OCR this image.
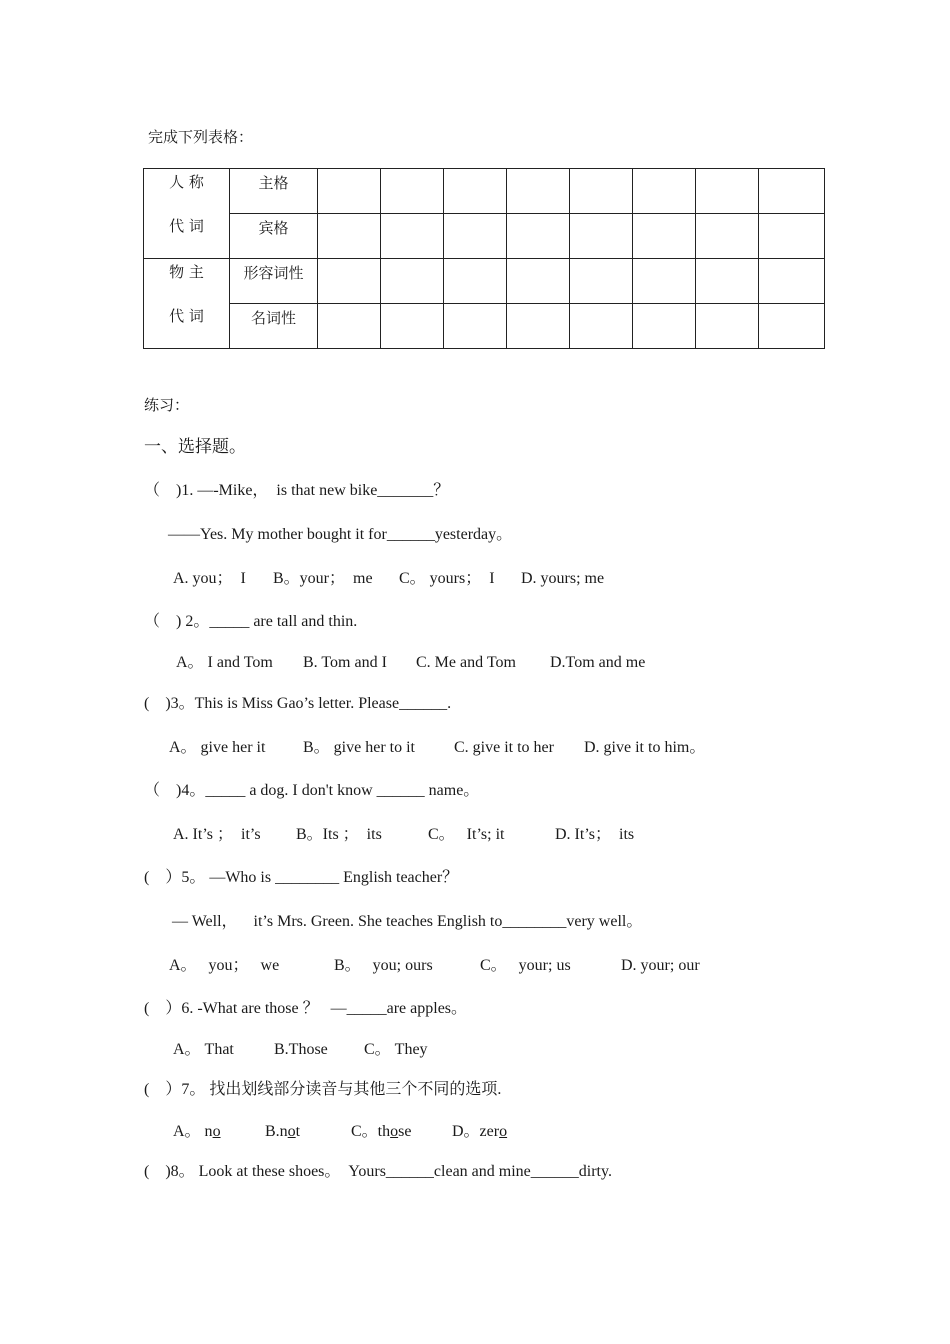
完成下列表格：
人 称
代 词	主格								

	宾格								

物 主
代 词	形容词性								

	名词性								

练习：
一、选择题。
（    )1. —-Mike，  is that new bike_______？
——Yes. My mother bought it for______yesterday。
A. you；  I B。your；  me C。 yours；  I D. yours; me
（    ) 2。_____ are tall and thin.
A。 I and Tom B. Tom and I C. Me and Tom D.Tom and me
(    )3。This is Miss Gao’s letter. Please______.
A。 give her it B。 give her to it C. give it to her D. give it to him。
（    )4。_____ a dog. I don't know ______ name。
A. It’s ；  it’s B。Its ；  its	C。   It’s; it	D. It’s；  its
(    ）5。 —Who is ________ English teacher？
— Well，    it’s Mrs. Green. She teaches English to________very well。
A。   you；   we	B。   you; ours	C。   your; us	D. your; our
(    ）6. -What are those ？   —_____are apples。
A。 That	B.Those C。 They
(    ）7。 找出划线部分读音与其他三个不同的选项.
A。 no	B.not	C。those	D。zero
(    )8。 Look at these shoes。  Yours______clean and mine______dirty.
